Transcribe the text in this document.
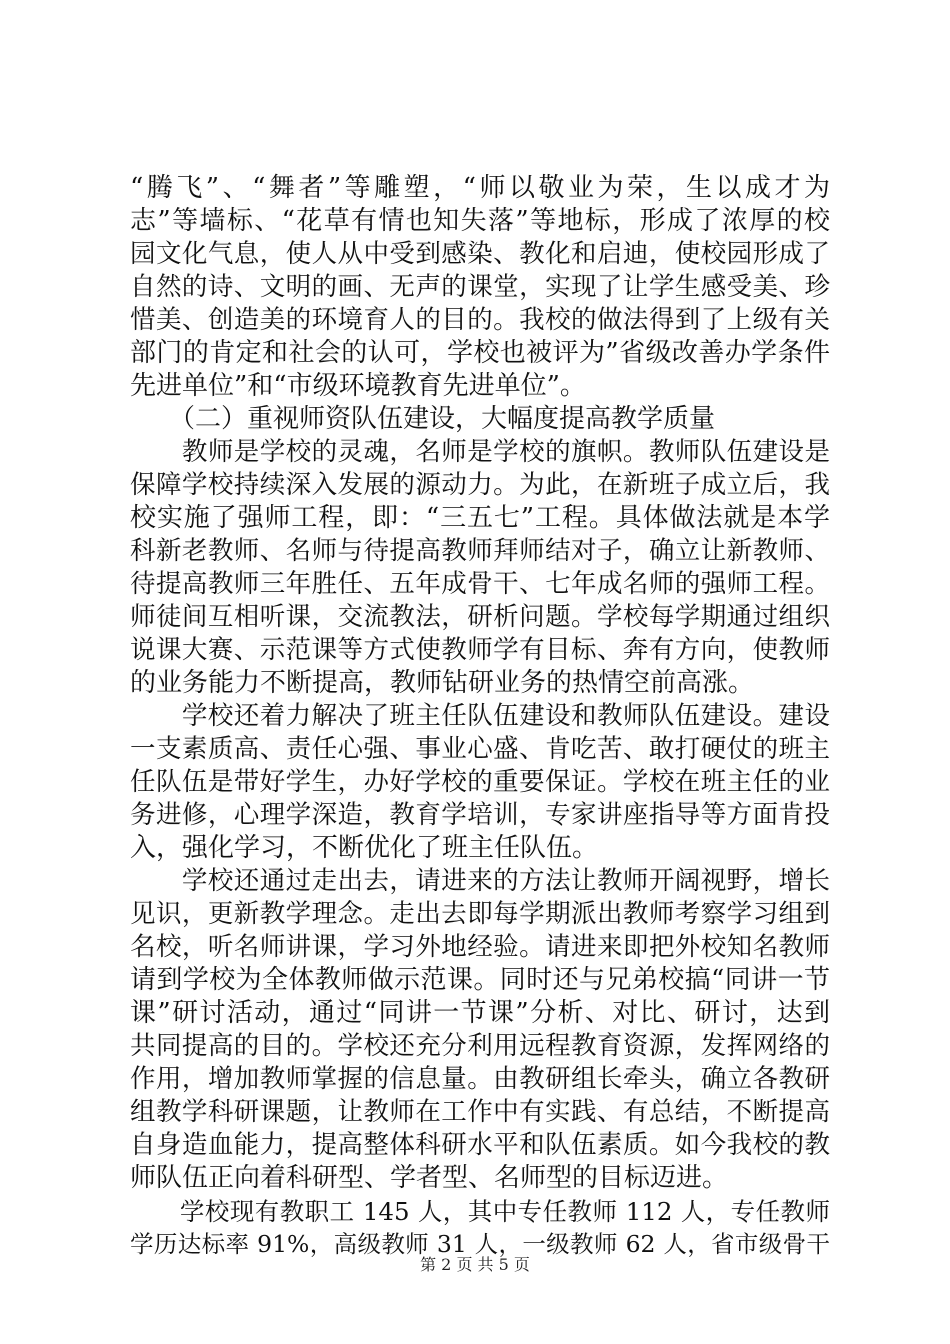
“腾飞”、“舞者”等雕塑，“师以敬业为荣，生以成才为
志”等墙标、“花草有情也知失落”等地标，形成了浓厚的校
园文化气息，使人从中受到感染、教化和启迪，使校园形成了
自然的诗、文明的画、无声的课堂，实现了让学生感受美、珍
惜美、创造美的环境育人的目的。我校的做法得到了上级有关
部门的肯定和社会的认可，学校也被评为”省级改善办学条件
先进单位”和“市级环境教育先进单位”。
　　（二）重视师资队伍建设，大幅度提高教学质量
　　教师是学校的灵魂，名师是学校的旗帜。教师队伍建设是
保障学校持续深入发展的源动力。为此，在新班子成立后，我
校实施了强师工程，即：“三五七”工程。具体做法就是本学
科新老教师、名师与待提高教师拜师结对子，确立让新教师、
待提高教师三年胜任、五年成骨干、七年成名师的强师工程。
师徒间互相听课，交流教法，研析问题。学校每学期通过组织
说课大赛、示范课等方式使教师学有目标、奔有方向，使教师
的业务能力不断提高，教师钻研业务的热情空前高涨。
　　学校还着力解决了班主任队伍建设和教师队伍建设。建设
一支素质高、责任心强、事业心盛、肯吃苦、敢打硬仗的班主
任队伍是带好学生，办好学校的重要保证。学校在班主任的业
务进修，心理学深造，教育学培训，专家讲座指导等方面肯投
入，强化学习，不断优化了班主任队伍。
　　学校还通过走出去，请进来的方法让教师开阔视野，增长
见识，更新教学理念。走出去即每学期派出教师考察学习组到
名校，听名师讲课，学习外地经验。请进来即把外校知名教师
请到学校为全体教师做示范课。同时还与兄弟校搞“同讲一节
课”研讨活动，通过“同讲一节课”分析、对比、研讨，达到
共同提高的目的。学校还充分利用远程教育资源，发挥网络的
作用，增加教师掌握的信息量。由教研组长牵头，确立各教研
组教学科研课题，让教师在工作中有实践、有总结，不断提高
自身造血能力，提高整体科研水平和队伍素质。如今我校的教
师队伍正向着科研型、学者型、名师型的目标迈进。
　　学校现有教职工 145 人，其中专任教师 112 人，专任教师
学历达标率 91%，高级教师 31 人，一级教师 62 人，省市级骨干
第 2 页 共 5 页
